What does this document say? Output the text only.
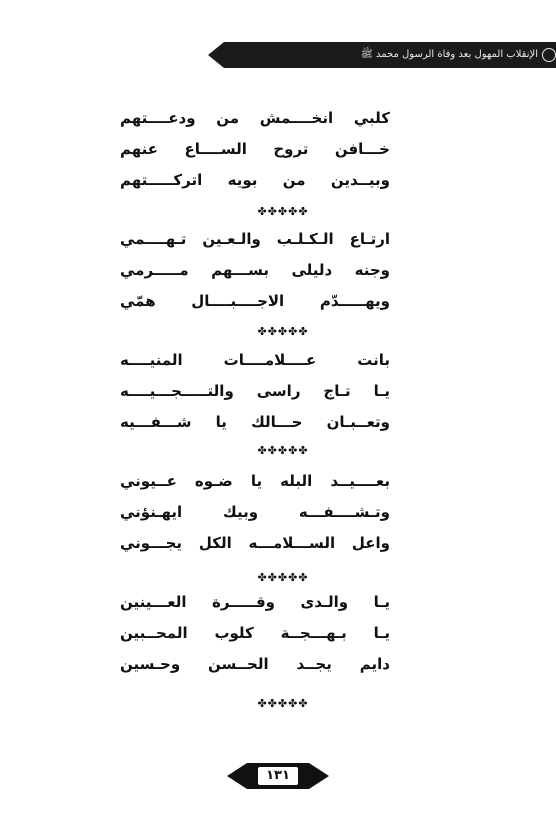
الإنقلاب المهول بعد وفاة الرسول محمد ﷺ
كلبي انخــــمش من ودعــــتهم
خـــافن تروح الســــاع عنهم
وبيــدين من بويه اتركـــــتهم
ارتـاع الـكـلـب والـعـين تـهــــمي
وجنه دليلى بســـهم مـــــرمي
ويهـــــدّم الاجــــبــــال همّي
بانت عــــلامــــات المنيــــه
يـا تـاج راسى والتـــــجـــيــــه
وتعــبـان حـــالك يا شـــفـــيه
بعــــيــد البله يا ضـوه عــيوني
وتـشــــفـــه وبيك ايهـنؤني
واعل الســـلامـــه الكل يجـــوني
يـا والـدى وقـــــرة العـــينين
يـا بـهـــجــة كلوب المحــبين
دايم يجــد الحــسن وحـسين
✤✤✤✤✤
✤✤✤✤✤
✤✤✤✤✤
✤✤✤✤✤
✤✤✤✤✤
١٣١
